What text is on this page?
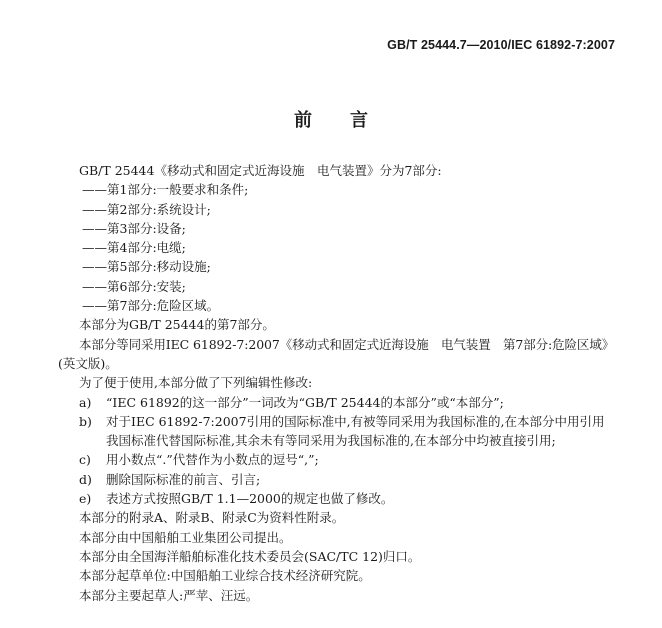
GB/T 25444.7—2010/IEC 61892-7:2007
前言
GB/T 25444《移动式和固定式近海设施　电气装置》分为7部分:
——第1部分:一般要求和条件;
——第2部分:系统设计;
——第3部分:设备;
——第4部分:电缆;
——第5部分:移动设施;
——第6部分:安装;
——第7部分:危险区域。
本部分为GB/T 25444的第7部分。
本部分等同采用IEC 61892-7:2007《移动式和固定式近海设施　电气装置　第7部分:危险区域》
(英文版)。
为了便于使用,本部分做了下列编辑性修改:
a)	“IEC 61892的这一部分”一词改为“GB/T 25444的本部分”或“本部分”;
b)	对于IEC 61892-7:2007引用的国际标准中,有被等同采用为我国标准的,在本部分中用引用
我国标准代替国际标准,其余未有等同采用为我国标准的,在本部分中均被直接引用;
c)	用小数点“.”代替作为小数点的逗号“,”;
d)	删除国际标准的前言、引言;
e)	表述方式按照GB/T 1.1—2000的规定也做了修改。
本部分的附录A、附录B、附录C为资料性附录。
本部分由中国船舶工业集团公司提出。
本部分由全国海洋船舶标准化技术委员会(SAC/TC 12)归口。
本部分起草单位:中国船舶工业综合技术经济研究院。
本部分主要起草人:严苹、汪远。
